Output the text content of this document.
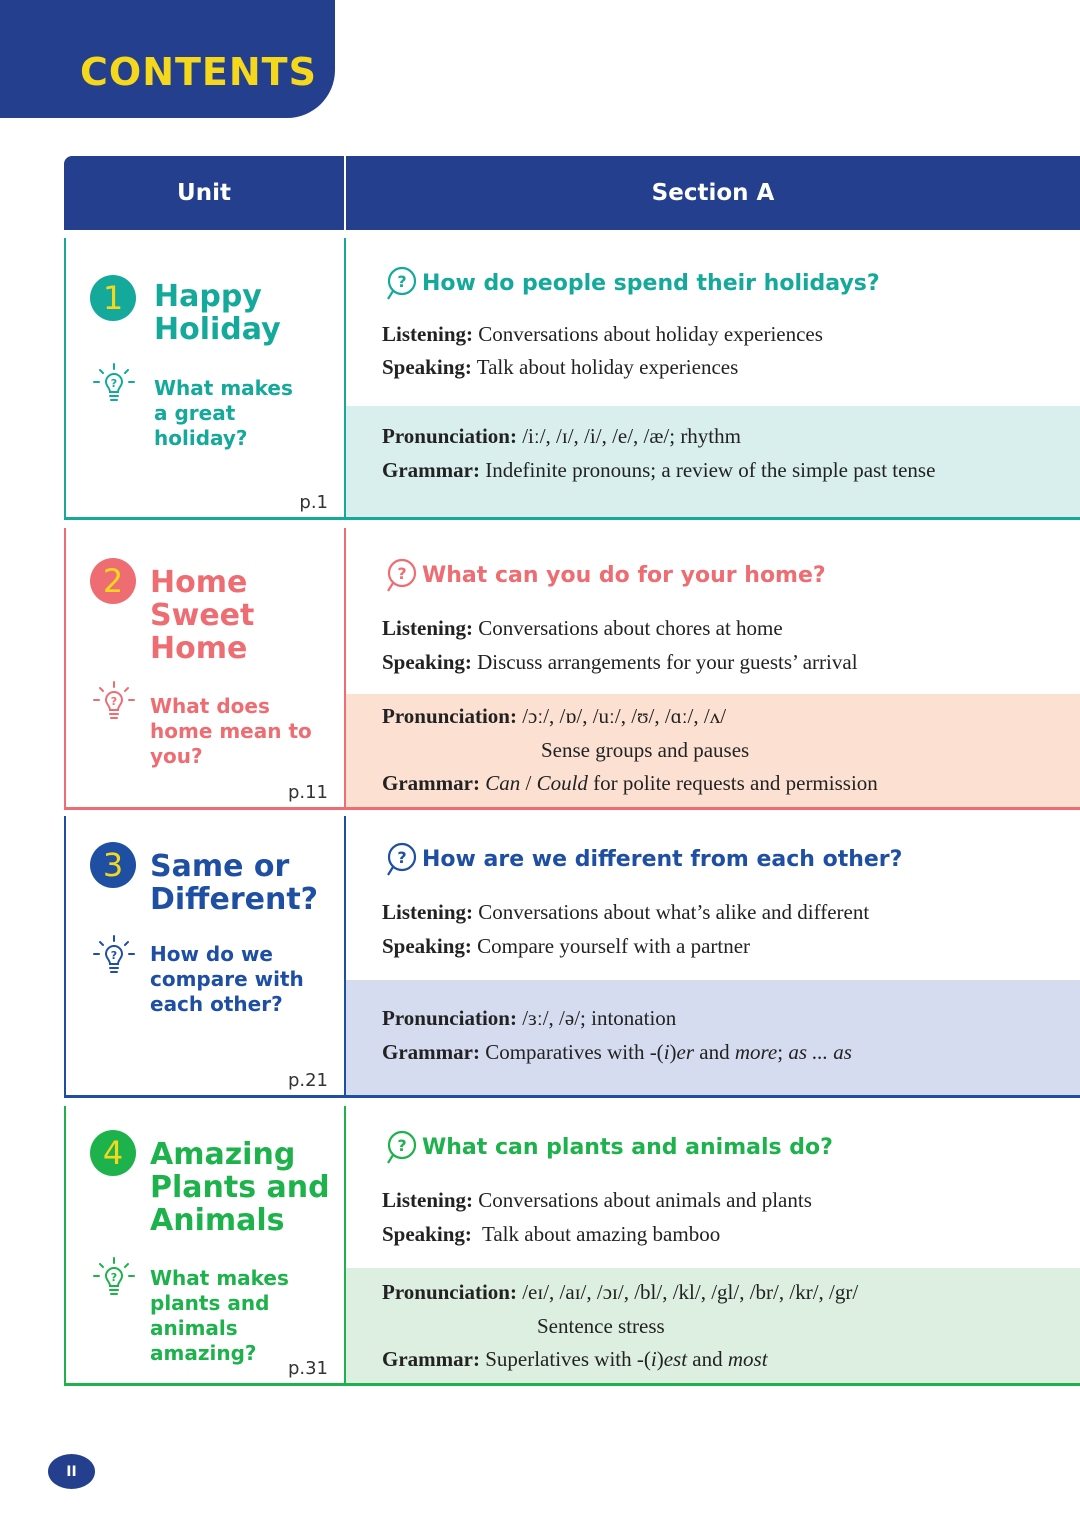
CONTENTS
Unit	Section A
1	Happy
Holiday
? What makes
a great
holiday?
p.1
? How do people spend their holidays?
Listening: Conversations about holiday experiences
Speaking: Talk about holiday experiences
Pronunciation: /iː/, /ɪ/, /i/, /e/, /æ/; rhythm
Grammar: Indefinite pronouns; a review of the simple past tense
2 Home
Sweet
Home
? What does
home mean to
you?
p.11
? What can you do for your home?
Listening: Conversations about chores at home
Speaking: Discuss arrangements for your guests’ arrival
Pronunciation: /ɔː/, /ɒ/, /uː/, /ʊ/, /ɑː/, /ʌ/
Sense groups and pauses
Grammar: Can / Could for polite requests and permission
3 Same or
Different?
? How do we
compare with
each other?
p.21
? How are we different from each other?
Listening: Conversations about what’s alike and different
Speaking: Compare yourself with a partner
Pronunciation: /ɜː/, /ə/; intonation
Grammar: Comparatives with -(i)er and more; as ... as
4 Amazing
Plants and
Animals
? What makes
plants and
animals
amazing?
p.31
? What can plants and animals do?
Listening: Conversations about animals and plants
Speaking: Talk about amazing bamboo
Pronunciation: /eɪ/, /aɪ/, /ɔɪ/, /bl/, /kl/, /gl/, /br/, /kr/, /gr/
Sentence stress
Grammar: Superlatives with -(i)est and most
II
